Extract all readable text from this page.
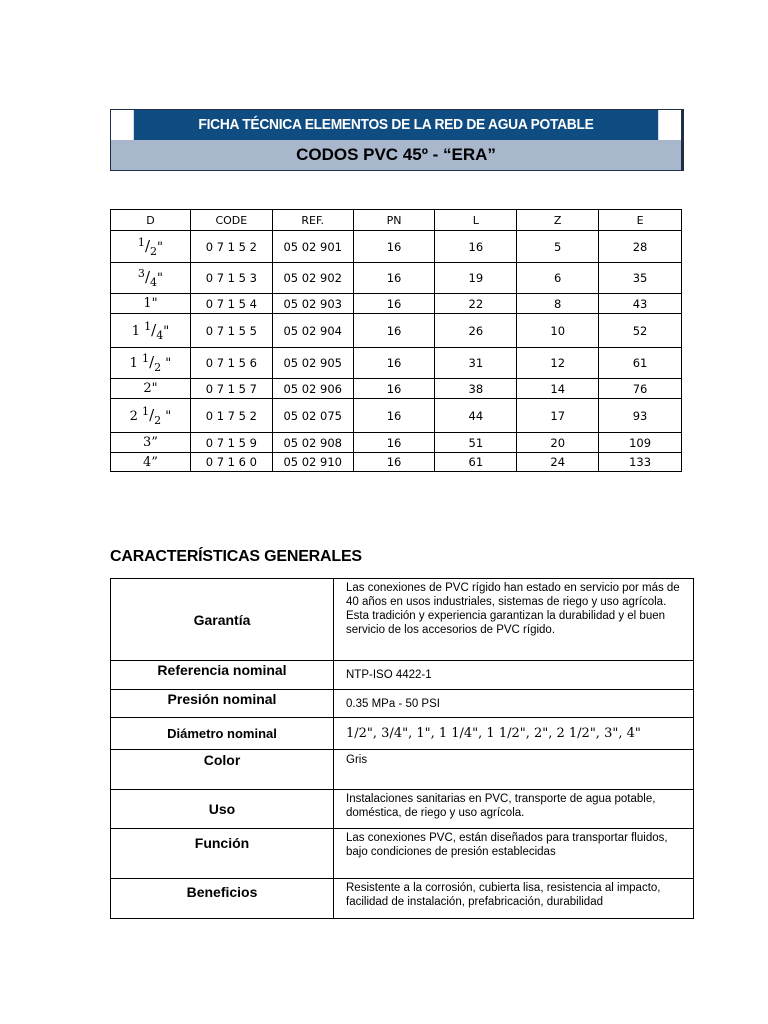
FICHA TÉCNICA ELEMENTOS DE LA RED DE AGUA POTABLE
CODOS PVC 45º - “ERA”
D	CODE	REF.	PN	L	Z	E
$^1/_2$"	0 7 1 5 2	05 02 901	16	16	5	28
$^3/_4$"	0 7 1 5 3	05 02 902	16	19	6	35
1"	0 7 1 5 4	05 02 903	16	22	8	43
1 $^1/_4$"	0 7 1 5 5	05 02 904	16	26	10	52
1 $^1/_2$ "	0 7 1 5 6	05 02 905	16	31	12	61
2"	0 7 1 5 7	05 02 906	16	38	14	76
2 $^1/_2$ "	0 1 7 5 2	05 02 075	16	44	17	93
3”	0 7 1 5 9	05 02 908	16	51	20	109
4”	0 7 1 6 0	05 02 910	16	61	24	133
CARACTERÍSTICAS GENERALES
Garantía	Las conexiones de PVC rígido han estado en servicio por más de 40 años en usos industriales, sistemas de riego y uso agrícola. Esta tradición y experiencia garantizan la durabilidad y el buen servicio de los accesorios de PVC rígido.
Referencia nominal	NTP-ISO 4422-1
Presión nominal	0.35 MPa - 50 PSI
Diámetro nominal	1/2", 3/4", 1", 1 1/4", 1 1/2", 2", 2 1/2", 3", 4"
Color	Gris
Uso	Instalaciones sanitarias en PVC, transporte de agua potable, doméstica, de riego y uso agrícola.
Función	Las conexiones PVC, están diseñados para transportar fluidos, bajo condiciones de presión establecidas
Beneficios	Resistente a la corrosión, cubierta lisa, resistencia al impacto, facilidad de instalación, prefabricación, durabilidad
